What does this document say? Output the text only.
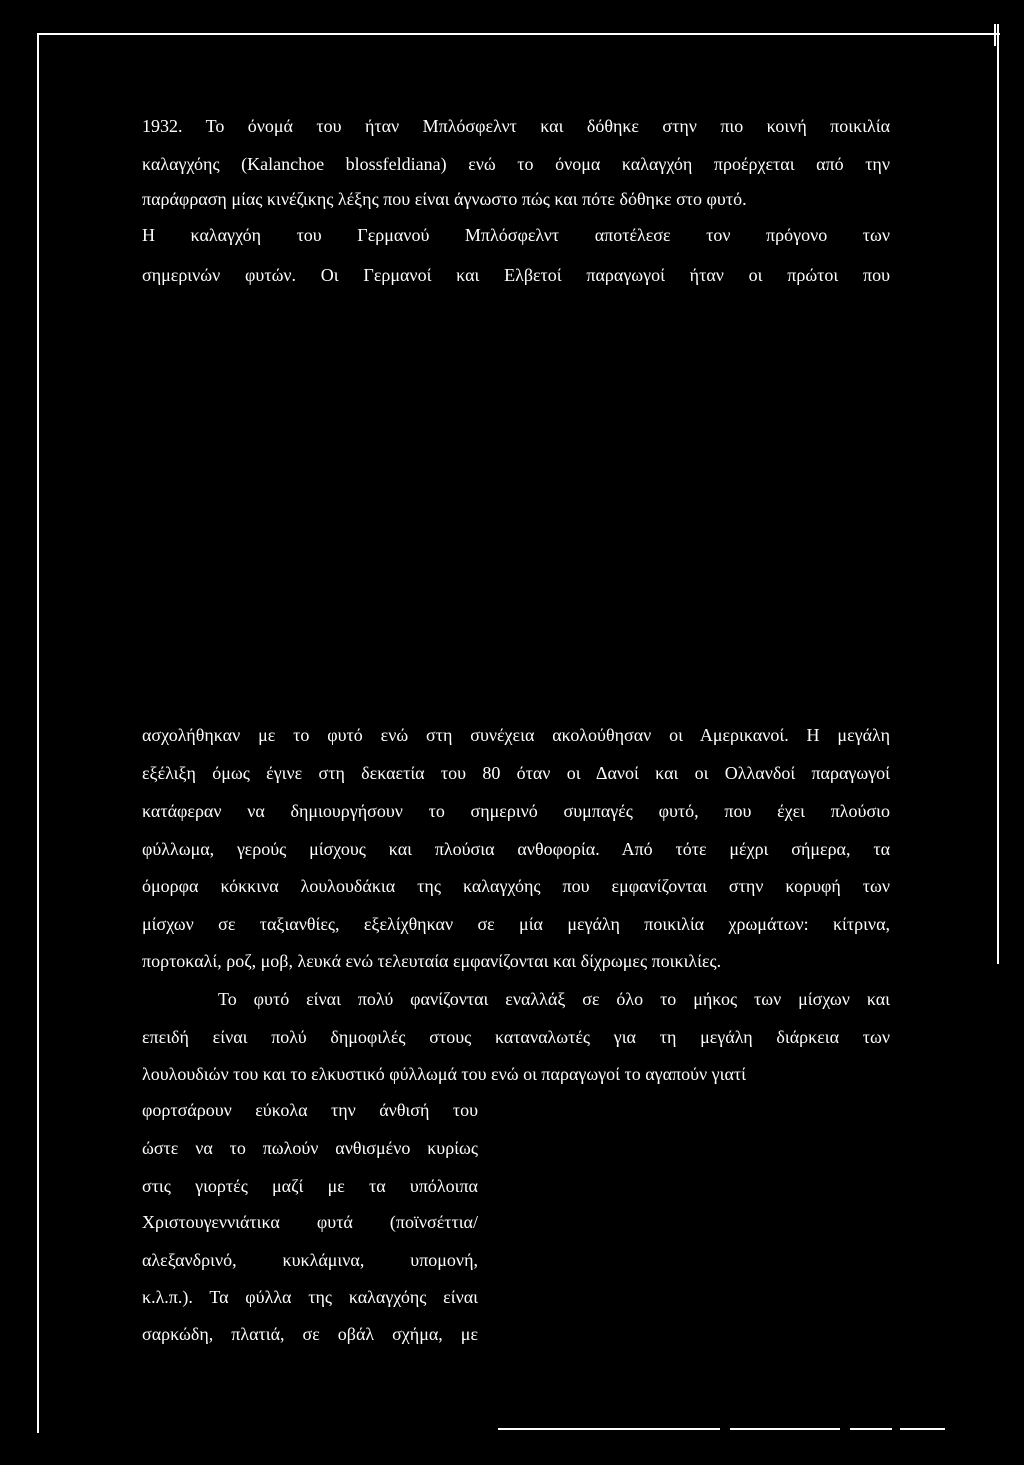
1932. Το όνομά του ήταν Μπλόσφελντ και δόθηκε στην πιο κοινή ποικιλία
καλαγχόης (Kalanchoe blossfeldiana) ενώ το όνομα καλαγχόη προέρχεται από την
παράφραση μίας κινέζικης λέξης που είναι άγνωστο πώς και πότε δόθηκε στο φυτό.
Η καλαγχόη του Γερμανού Μπλόσφελντ αποτέλεσε τον πρόγονο των
σημερινών φυτών. Οι Γερμανοί και Ελβετοί παραγωγοί ήταν οι πρώτοι που
ασχολήθηκαν με το φυτό ενώ στη συνέχεια ακολούθησαν οι Αμερικανοί. Η μεγάλη
εξέλιξη όμως έγινε στη δεκαετία του 80 όταν οι Δανοί και οι Ολλανδοί παραγωγοί
κατάφεραν να δημιουργήσουν το σημερινό συμπαγές φυτό, που έχει πλούσιο
φύλλωμα, γερούς μίσχους και πλούσια ανθοφορία. Από τότε μέχρι σήμερα, τα
όμορφα κόκκινα λουλουδάκια της καλαγχόης που εμφανίζονται στην κορυφή των
μίσχων σε ταξιανθίες, εξελίχθηκαν σε μία μεγάλη ποικιλία χρωμάτων: κίτρινα,
πορτοκαλί, ροζ, μοβ, λευκά ενώ τελευταία εμφανίζονται και δίχρωμες ποικιλίες.
Το φυτό είναι πολύ φανίζονται εναλλάξ σε όλο το μήκος των μίσχων και
επειδή είναι πολύ δημοφιλές στους καταναλωτές για τη μεγάλη διάρκεια των
λουλουδιών του και το ελκυστικό φύλλωμά του ενώ οι παραγωγοί το αγαπούν γιατί
φορτσάρουν εύκολα την άνθισή του
ώστε να το πωλούν ανθισμένο κυρίως
στις γιορτές μαζί με τα υπόλοιπα
Χριστουγεννιάτικα φυτά (ποϊνσέττια/
αλεξανδρινό, κυκλάμινα, υπομονή,
κ.λ.π.). Τα φύλλα της καλαγχόης είναι
σαρκώδη, πλατιά, σε οβάλ σχήμα, με
